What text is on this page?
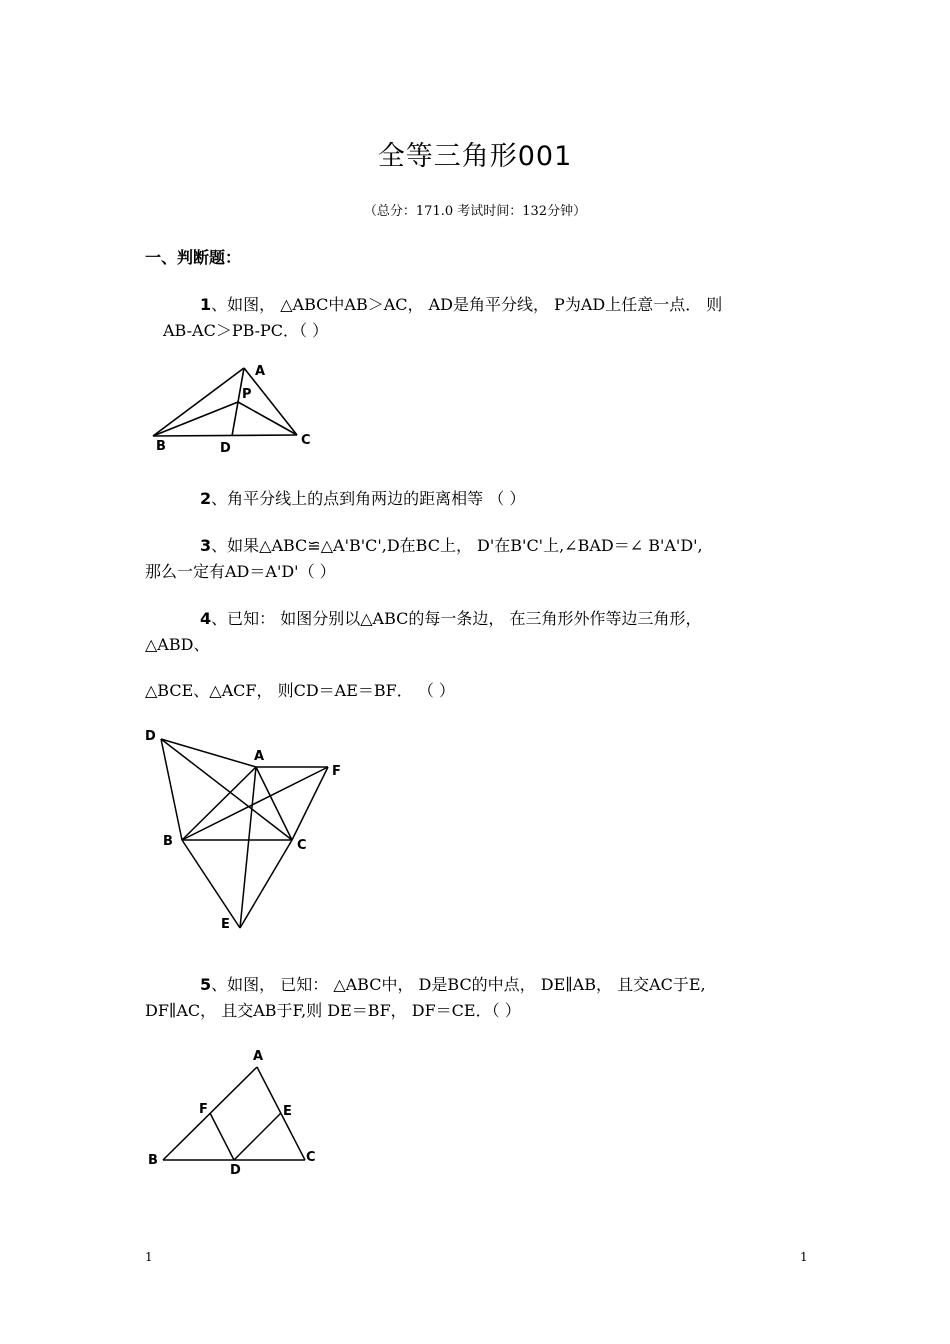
全等三角形001
（总分：171.0 考试时间：132分钟）
一、判断题：
1、如图， △ABC中AB＞AC， AD是角平分线， P为AD上任意一点． 则
AB-AC＞PB-PC．（ ）
A
P
B	D
C
2、角平分线上的点到角两边的距离相等 （ ）
3、如果△ABC≌△A'B'C',D在BC上， D'在B'C'上,∠BAD＝∠ B'A'D',
那么一定有AD＝A'D'（ ）
4、已知： 如图分别以△ABC的每一条边， 在三角形外作等边三角形，
△ABD、
△BCE、△ACF， 则CD＝AE＝BF． （ ）
D
A
F
B	C
E
5、如图， 已知： △ABC中， D是BC的中点， DE∥AB， 且交AC于E,
DF∥AC， 且交AB于F,则 DE＝BF， DF＝CE．（ ）
A
F	E
B
D
C
1	1
